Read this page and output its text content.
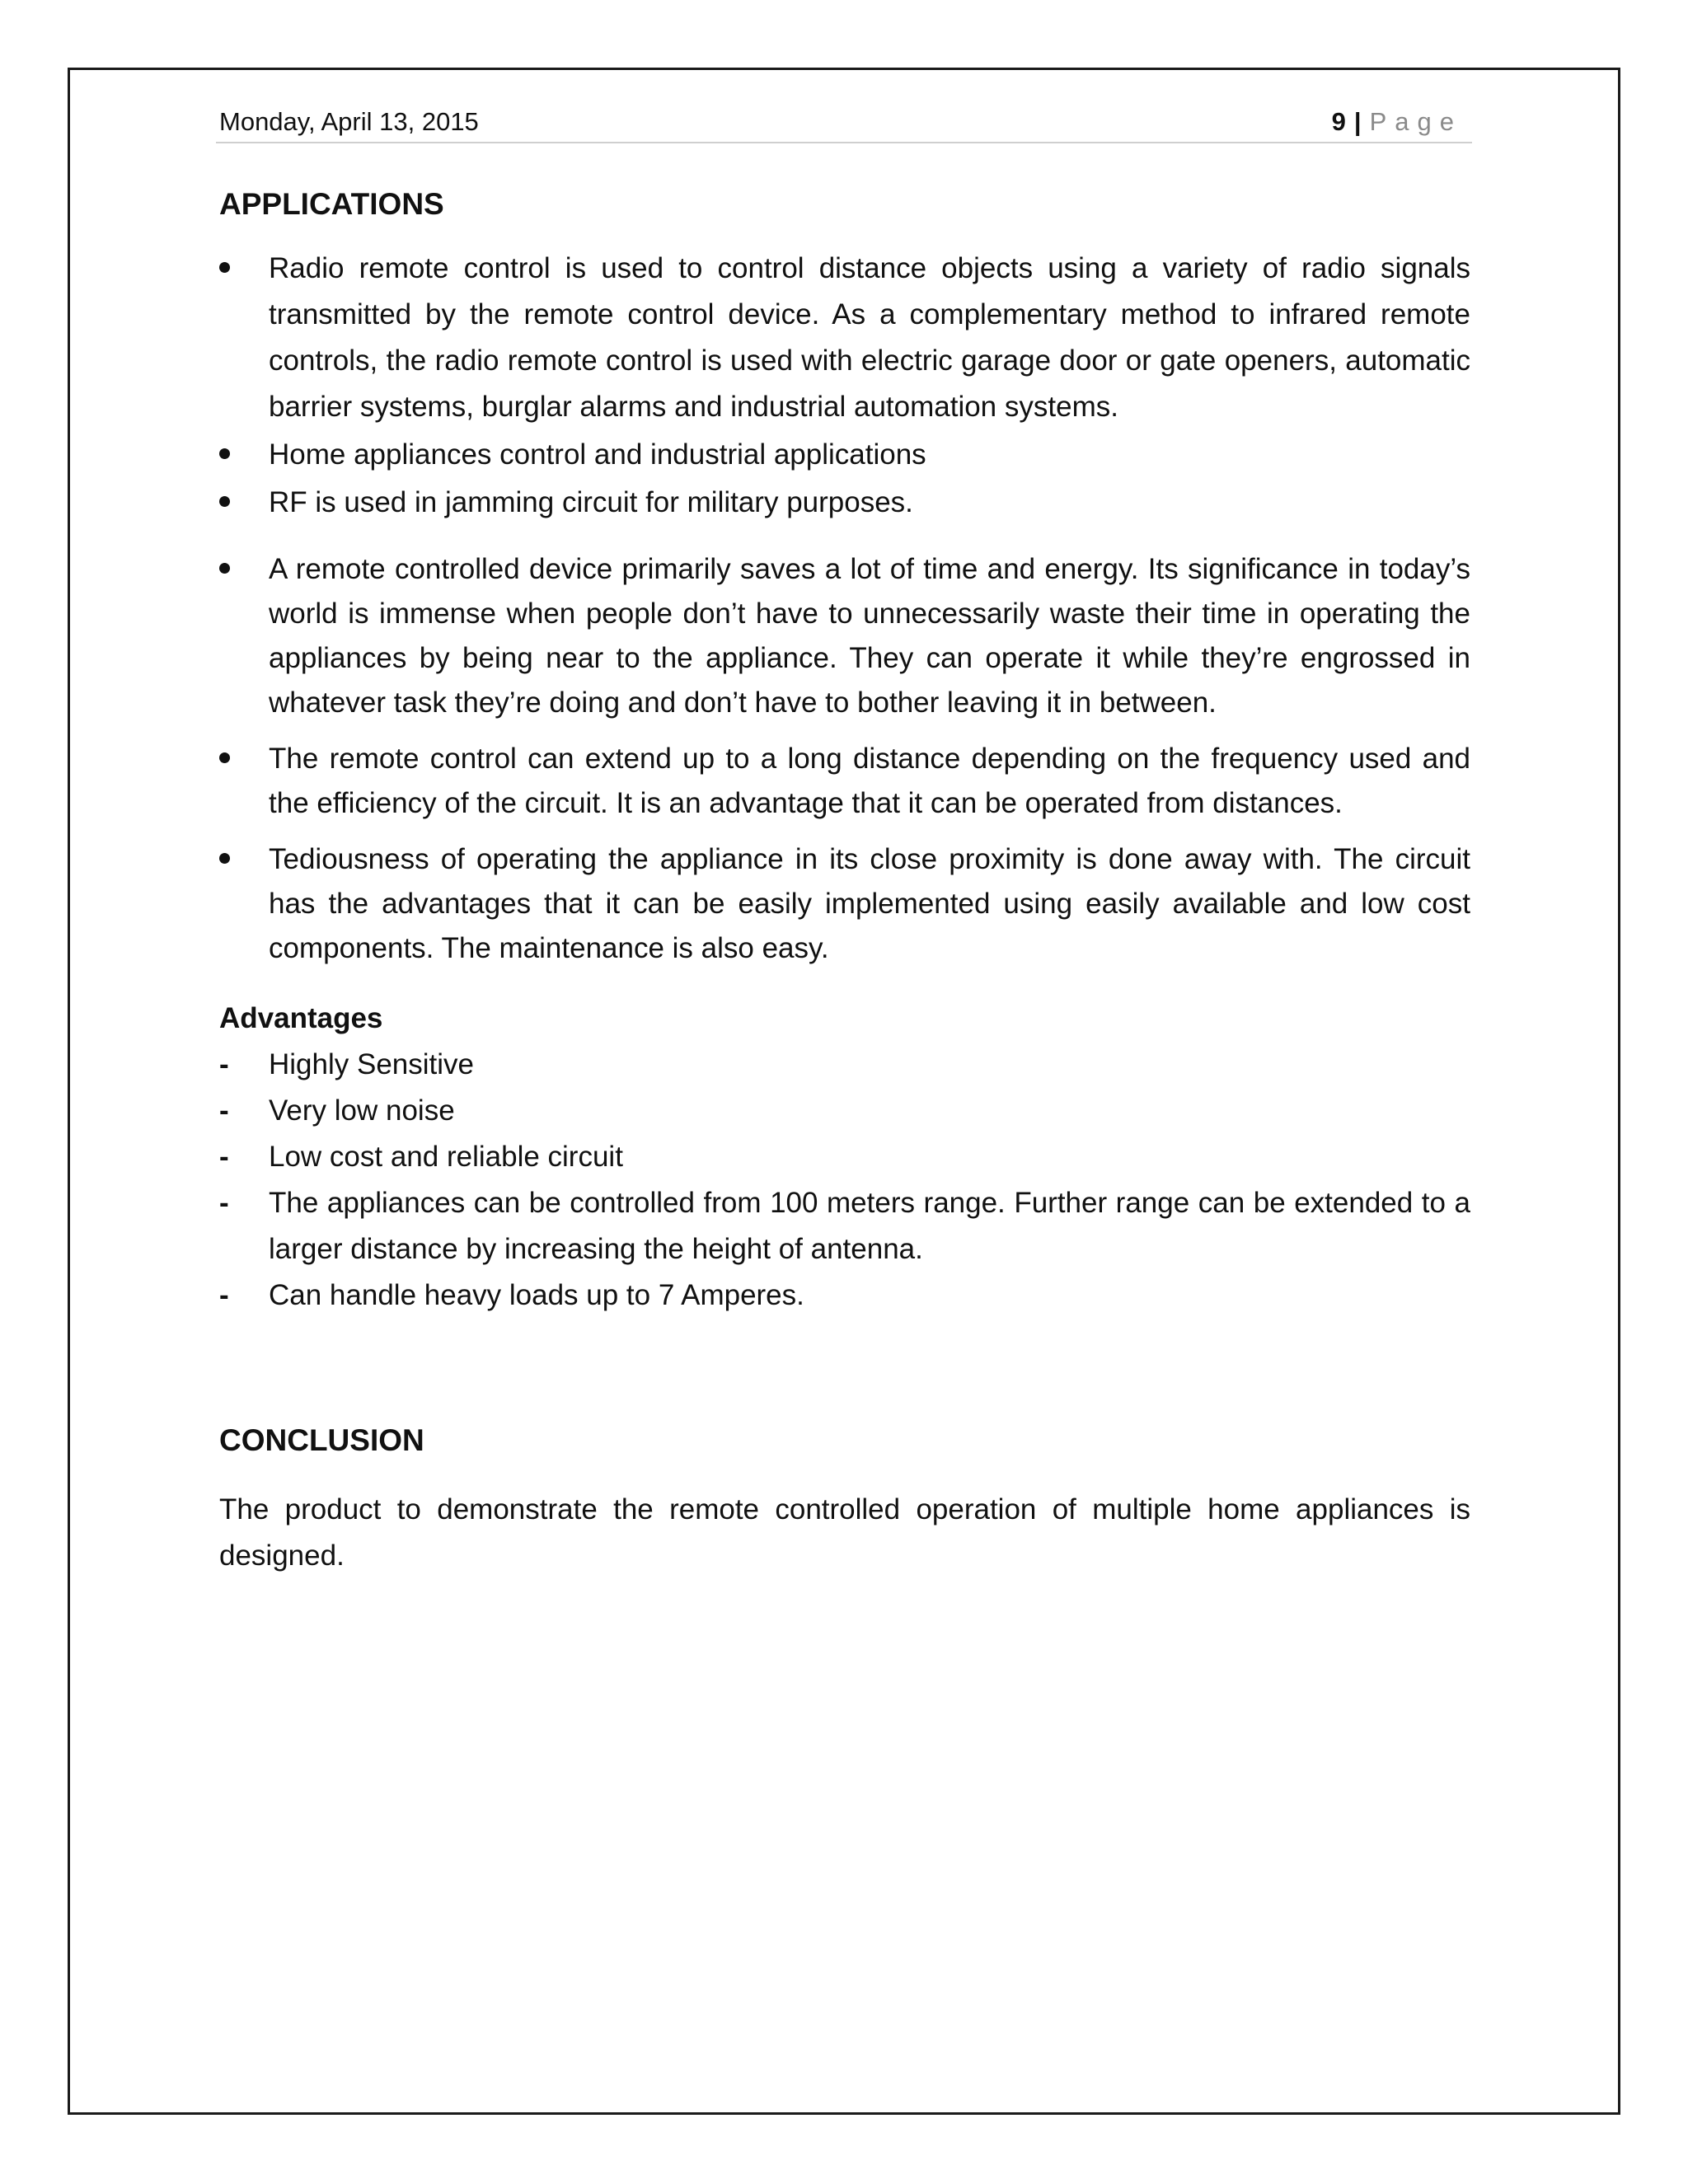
Monday, April 13, 2015	9 | Page
APPLICATIONS
Radio remote control is used to control distance objects using a variety of radio signals transmitted by the remote control device. As a complementary method to infrared remote controls, the radio remote control is used with electric garage door or gate openers, automatic barrier systems, burglar alarms and industrial automation systems.
Home appliances control and industrial applications
RF is used in jamming circuit for military purposes.
A remote controlled device primarily saves a lot of time and energy. Its significance in today’s world is immense when people don’t have to unnecessarily waste their time in operating the appliances by being near to the appliance. They can operate it while they’re engrossed in whatever task they’re doing and don’t have to bother leaving it in between.
The remote control can extend up to a long distance depending on the frequency used and the efficiency of the circuit. It is an advantage that it can be operated from distances.
Tediousness of operating the appliance in its close proximity is done away with. The circuit has the advantages that it can be easily implemented using easily available and low cost components. The maintenance is also easy.
Advantages
-	Highly Sensitive
-	Very low noise
-	Low cost and reliable circuit
-	The appliances can be controlled from 100 meters range. Further range can be extended to a larger distance by increasing the height of antenna.
-	Can handle heavy loads up to 7 Amperes.
CONCLUSION

The product to demonstrate the remote controlled operation of multiple home appliances is designed.
